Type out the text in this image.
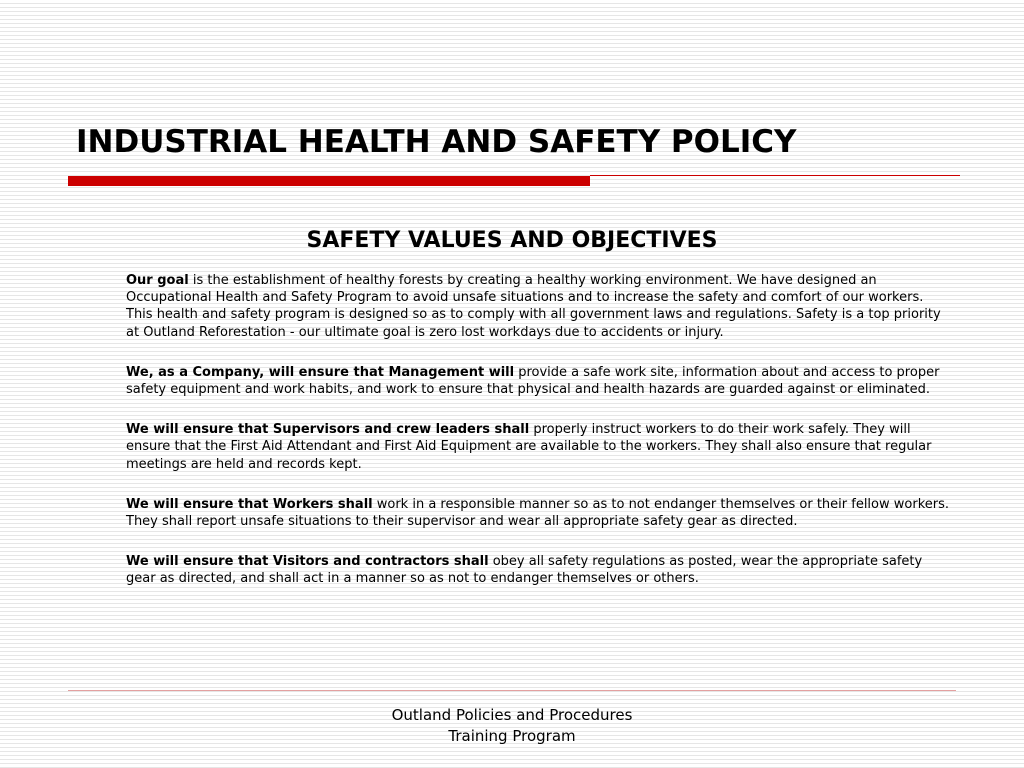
INDUSTRIAL HEALTH AND SAFETY POLICY
SAFETY VALUES AND OBJECTIVES

Our goal is the establishment of healthy forests by creating a healthy working environment. We have designed an Occupational Health and Safety Program to avoid unsafe situations and to increase the safety and comfort of our workers. This health and safety program is designed so as to comply with all government laws and regulations. Safety is a top priority at Outland Reforestation - our ultimate goal is zero lost workdays due to accidents or injury.

We, as a Company, will ensure that Management will provide a safe work site, information about and access to proper safety equipment and work habits, and work to ensure that physical and health hazards are guarded against or eliminated.

We will ensure that Supervisors and crew leaders shall properly instruct workers to do their work safely. They will ensure that the First Aid Attendant and First Aid Equipment are available to the workers. They shall also ensure that regular meetings are held and records kept.

We will ensure that Workers shall work in a responsible manner so as to not endanger themselves or their fellow workers. They shall report unsafe situations to their supervisor and wear all appropriate safety gear as directed.

We will ensure that Visitors and contractors shall obey all safety regulations as posted, wear the appropriate safety gear as directed, and shall act in a manner so as not to endanger themselves or others.

Outland Policies and Procedures
Training Program
